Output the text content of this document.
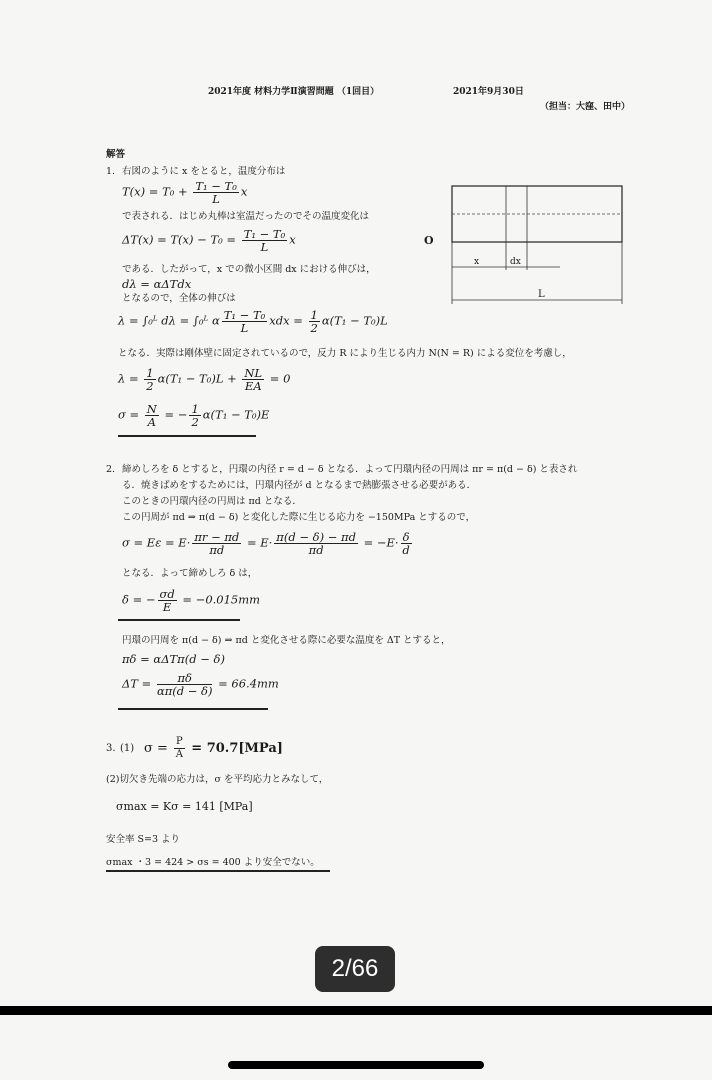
2021年度 材料力学Ⅱ演習問題 （1回目）	2021年9月30日
（担当：大窪、田中）
解答
1. 右図のように x をとると，温度分布は
$T(x) = T_0 + \frac{\text{T₁ − T₀}}{L}$ x
で表される．はじめ丸棒は室温だったのでその温度変化は
$\Delta T(x) = T(x) - T_0 = \frac{\text{T₁ − T₀}}{L}$ x
である．したがって，x での微小区間 dx における伸びは，
dλ = αΔTdx
となるので，全体の伸びは
λ = ∫₀ᴸ dλ = ∫₀ᴸ α $\frac{\text{T₁ − T₀}}{L}$ xdx = $\frac{1}{2} \alpha(T_1 - T_0)L$
となる．実際は剛体壁に固定されているので，反力 R により生じる内力 N(N = R) による変位を考慮し，
$\lambda = \frac{1}{2} \alpha(T_1 - T_0)L + \frac{NL}{EA} = 0$
$\sigma = \frac{N}{A}$ = − $\frac{1}{2} \alpha(T_1 - T_0)E$
O
x	dx
L
2. 締めしろを δ とすると，円環の内径 r = d − δ となる．よって円環内径の円周は πr = π(d − δ) と表され
る．焼きばめをするためには，円環内径が d となるまで熱膨張させる必要がある．
このときの円環内径の円周は πd となる．
この円周が πd ⇒ π(d − δ) と変化した際に生じる応力を −150MPa とするので，
$\sigma = E\varepsilon = E\cdot \frac{\pi r - \pi d}{\pi d} = E\cdot \frac{\pi(d - \delta) - \pi d}{\pi d} = -E\cdot \frac{\delta}{d}$
となる．よって締めしろ δ は，
δ = − $\frac{\sigma d}{E} = -0.015mm$
円環の円周を π(d − δ) ⇒ πd と変化させる際に必要な温度を ΔT とすると，
πδ = αΔTπ(d − δ)
$\Delta T = \frac{\pi\delta}{\alpha\pi(d - \delta)} = 66.4mm$
3. (1) $\sigma = \frac{P}{A} = 70.7[MPa]$
(2)切欠き先端の応力は，σ を平均応力とみなして，
σmax = Kσ = 141 [MPa]
安全率 S=3 より
σmax ・3 = 424 > σs = 400 より安全でない。
2/66
